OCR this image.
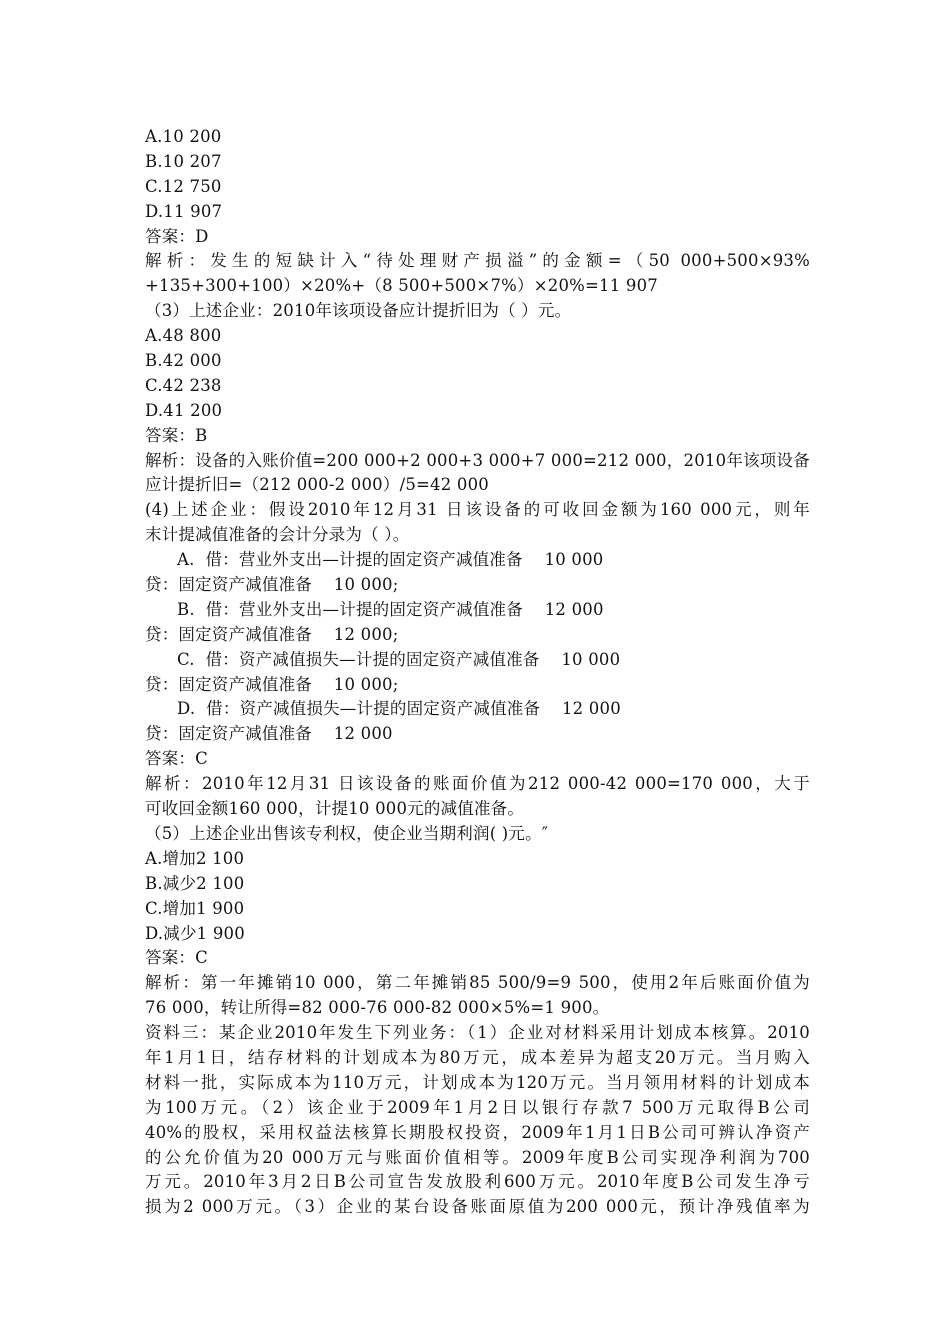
A.10 200
B.10 207
C.12 750
D.11 907
答案：D
解析：发生的短缺计入“待处理财产损溢”的金额=（50 000+500×93%
+135+300+100）×20%+（8 500+500×7%）×20%=11 907
（3）上述企业：2010年该项设备应计提折旧为（ ）元。
A.48 800
B.42 000
C.42 238
D.41 200
答案：B
解析：设备的入账价值=200 000+2 000+3 000+7 000=212 000，2010年该项设备
应计提折旧=（212 000-2 000）/5=42 000
(4)上述企业：假设2010年12月31 日该设备的可收回金额为160 000元，则年
末计提减值准备的会计分录为（ ）。
A.  借：营业外支出—计提的固定资产减值准备    10 000
贷：固定资产减值准备    10 000;
B.  借：营业外支出—计提的固定资产减值准备    12 000
贷：固定资产减值准备    12 000;
C.  借：资产减值损失—计提的固定资产减值准备    10 000
贷：固定资产减值准备    10 000;
D.  借：资产减值损失—计提的固定资产减值准备    12 000
贷：固定资产减值准备    12 000
答案：C
解析：2010年12月31 日该设备的账面价值为212 000-42 000=170 000，大于
可收回金额160 000，计提10 000元的减值准备。
（5）上述企业出售该专利权，使企业当期利润( )元。″
A.增加2 100
B.减少2 100
C.增加1 900
D.减少1 900
答案：C
解析：第一年摊销10 000，第二年摊销85 500/9=9 500，使用2年后账面价值为
76 000，转让所得=82 000-76 000-82 000×5%=1 900。
资料三：某企业2010年发生下列业务：（1）企业对材料采用计划成本核算。2010
年1月1日，结存材料的计划成本为80万元，成本差异为超支20万元。当月购入
材料一批，实际成本为110万元，计划成本为120万元。当月领用材料的计划成本
为100万元。（2）该企业于2009年1月2日以银行存款7 500万元取得B公司
40%的股权，采用权益法核算长期股权投资，2009年1月1日B公司可辨认净资产
的公允价值为20 000万元与账面价值相等。2009年度B公司实现净利润为700
万元。2010年3月2日B公司宣告发放股利600万元。2010年度B公司发生净亏
损为2 000万元。（3）企业的某台设备账面原值为200 000元，预计净残值率为
